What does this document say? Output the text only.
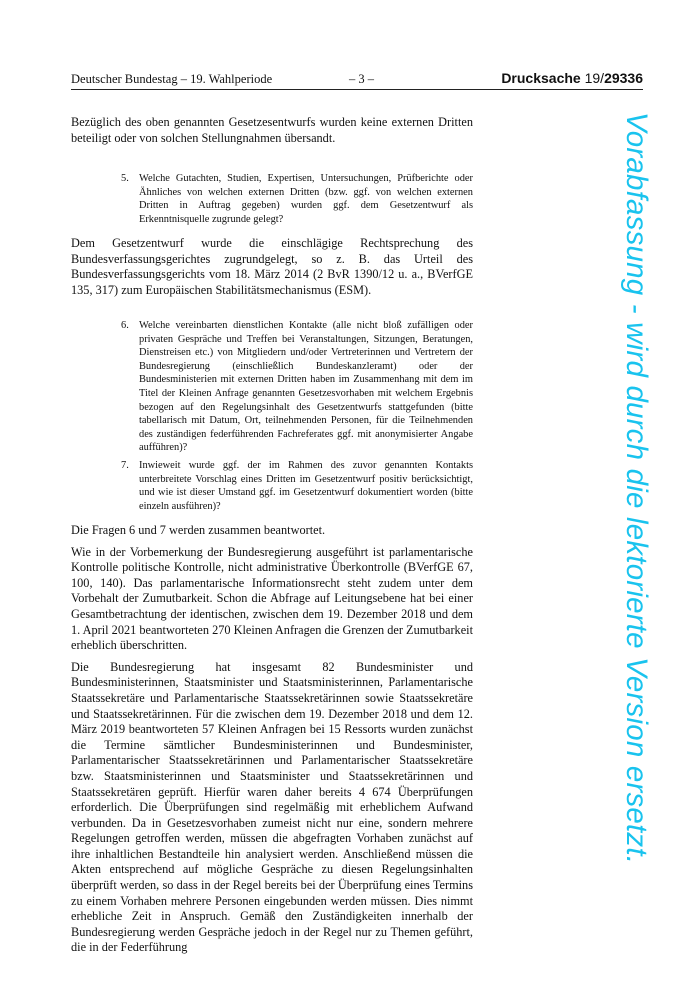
Deutscher Bundestag – 19. Wahlperiode	– 3 –	Drucksache 19/29336

Bezüglich des oben genannten Gesetzesentwurfs wurden keine externen Dritten beteiligt oder von solchen Stellungnahmen übersandt.

5. Welche Gutachten, Studien, Expertisen, Untersuchungen, Prüfberichte oder Ähnliches von welchen externen Dritten (bzw. ggf. von welchen externen Dritten in Auftrag gegeben) wurden ggf. dem Gesetzentwurf als Erkenntnisquelle zugrunde gelegt?

Dem Gesetzentwurf wurde die einschlägige Rechtsprechung des Bundesverfassungsgerichtes zugrundgelegt, so z. B. das Urteil des Bundesverfassungsgerichts vom 18. März 2014 (2 BvR 1390/12 u. a., BVerfGE 135, 317) zum Europäischen Stabilitätsmechanismus (ESM).

6. Welche vereinbarten dienstlichen Kontakte (alle nicht bloß zufälligen oder privaten Gespräche und Treffen bei Veranstaltungen, Sitzungen, Beratungen, Dienstreisen etc.) von Mitgliedern und/oder Vertreterinnen und Vertretern der Bundesregierung (einschließlich Bundeskanzleramt) oder der Bundesministerien mit externen Dritten haben im Zusammenhang mit dem im Titel der Kleinen Anfrage genannten Gesetzesvorhaben mit welchem Ergebnis bezogen auf den Regelungsinhalt des Gesetzentwurfs stattgefunden (bitte tabellarisch mit Datum, Ort, teilnehmenden Personen, für die Teilnehmenden des zuständigen federführenden Fachreferates ggf. mit anonymisierter Angabe aufführen)?
7. Inwieweit wurde ggf. der im Rahmen des zuvor genannten Kontakts unterbreitete Vorschlag eines Dritten im Gesetzentwurf positiv berücksichtigt, und wie ist dieser Umstand ggf. im Gesetzentwurf dokumentiert worden (bitte einzeln ausführen)?

Die Fragen 6 und 7 werden zusammen beantwortet.

Wie in der Vorbemerkung der Bundesregierung ausgeführt ist parlamentarische Kontrolle politische Kontrolle, nicht administrative Überkontrolle (BVerfGE 67, 100, 140). Das parlamentarische Informationsrecht steht zudem unter dem Vorbehalt der Zumutbarkeit. Schon die Abfrage auf Leitungsebene hat bei einer Gesamtbetrachtung der identischen, zwischen dem 19. Dezember 2018 und dem 1. April 2021 beantworteten 270 Kleinen Anfragen die Grenzen der Zumutbarkeit erheblich überschritten.

Die Bundesregierung hat insgesamt 82 Bundesminister und Bundesministerinnen, Staatsminister und Staatsministerinnen, Parlamentarische Staatssekretäre und Parlamentarische Staatssekretärinnen sowie Staatssekretäre und Staatssekretärinnen. Für die zwischen dem 19. Dezember 2018 und dem 12. März 2019 beantworteten 57 Kleinen Anfragen bei 15 Ressorts wurden zunächst die Termine sämtlicher Bundesministerinnen und Bundesminister, Parlamentarischer Staatssekretärinnen und Parlamentarischer Staatssekretäre bzw. Staatsministerinnen und Staatsminister und Staatssekretärinnen und Staatssekretären geprüft. Hierfür waren daher bereits 4 674 Überprüfungen erforderlich. Die Überprüfungen sind regelmäßig mit erheblichem Aufwand verbunden. Da in Gesetzesvorhaben zumeist nicht nur eine, sondern mehrere Regelungen getroffen werden, müssen die abgefragten Vorhaben zunächst auf ihre inhaltlichen Bestandteile hin analysiert werden. Anschließend müssen die Akten entsprechend auf mögliche Gespräche zu diesen Regelungsinhalten überprüft werden, so dass in der Regel bereits bei der Überprüfung eines Termins zu einem Vorhaben mehrere Personen eingebunden werden müssen. Dies nimmt erhebliche Zeit in Anspruch. Gemäß den Zuständigkeiten innerhalb der Bundesregierung werden Gespräche jedoch in der Regel nur zu Themen geführt, die in der Federführung

Vorabfassung - wird durch die lektorierte Version ersetzt.
